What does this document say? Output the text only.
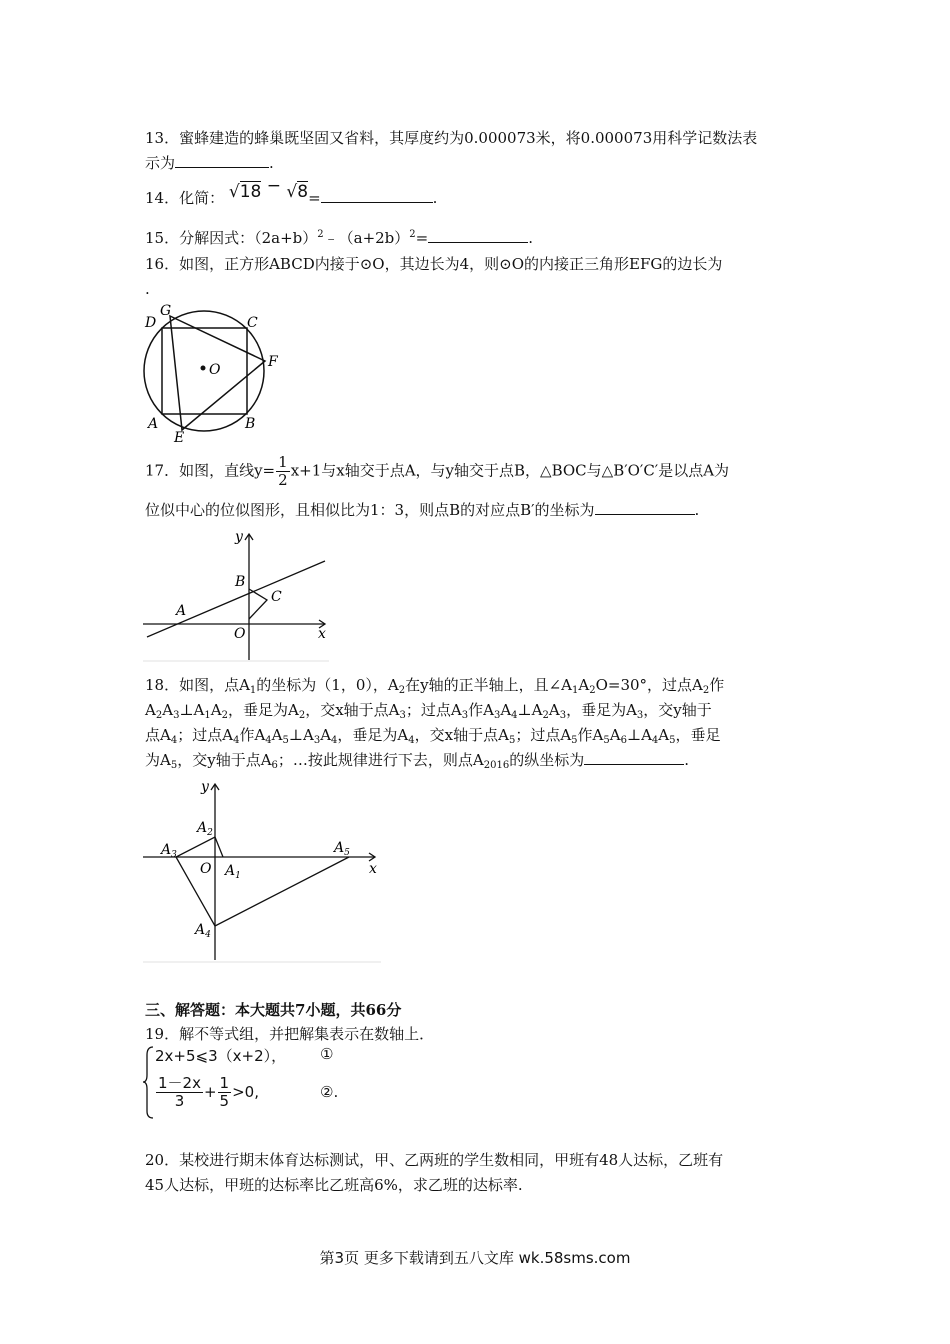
13．蜜蜂建造的蜂巢既坚固又省料，其厚度约为0.000073米，将0.000073用科学记数法表
示为	.

14．化简： √18 − √8=	.

15．分解因式：$(2a+b)^2﹣(a+2b)^2=$	.

16．如图，正方形ABCD内接于⊙O，其边长为4，则⊙O的内接正三角形EFG的边长为
.

G
D	C
F
O
A	B
E

17．如图，直线$y= \frac{1}{2} x+1$与x轴交于点A，与y轴交于点B，△BOC与△B′O′C′是以点A为

位似中心的位似图形，且相似比为1：3，则点B的对应点B′的坐标为	.

y
B
C
A
O	x

18．如图，点$A_1$的坐标为（1，0），$A_2$在y轴的正半轴上，且$\angle A_1A_2O=30^\circ$，过点$A_2$作
$A_2A_3\perp A_1A_2$，垂足为$A_2$，交x轴于点$A_3$；过点$A_3$作$A_3A_4\perp A_2A_3$，垂足为$A_3$，交y轴于
点$A_4$；过点$A_4$作$A_4A_5\perp A_3A_4$，垂足为$A_4$，交x轴于点$A_5$；过点$A_5$作$A_5A_6\perp A_4A_5$，垂足
为$A_5$，交y轴于点$A_6$；…按此规律进行下去，则点$A_{2016}$的纵坐标为	.

y
$A_2$
$A_3$
O $A_1$
$A_5$
$A_4$
x

三、解答题：本大题共7小题，共66分

19．解不等式组，并把解集表示在数轴上．

2x+5⩽3（x+2）， ①
$\frac{1-2x}{3} + \frac{1}{5} >0$,	②.

20．某校进行期末体育达标测试，甲、乙两班的学生数相同，甲班有48人达标，乙班有
45人达标，甲班的达标率比乙班高6%，求乙班的达标率.

第3页 更多下载请到五八文库 wk.58sms.com
